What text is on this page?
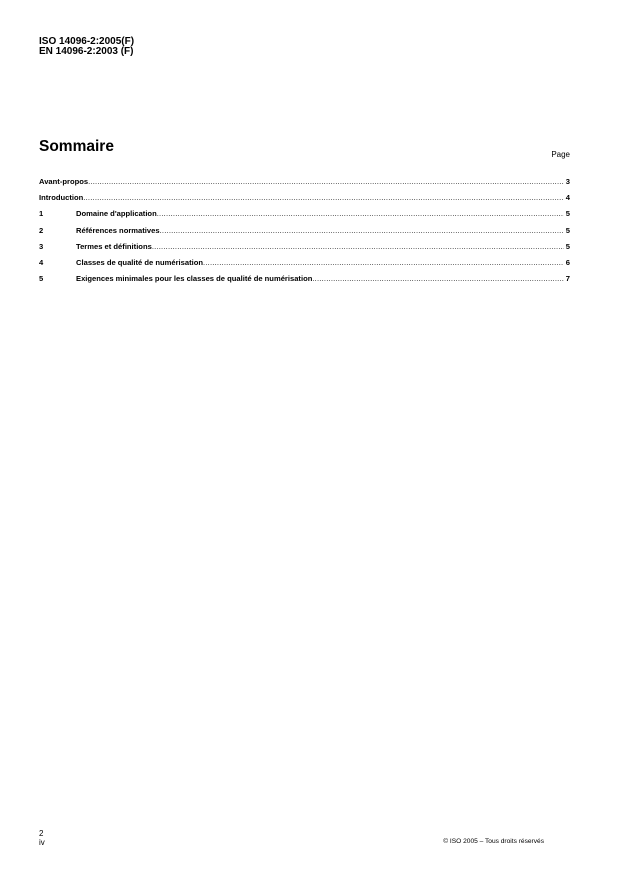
ISO 14096-2:2005(F)
EN 14096-2:2003 (F)
Sommaire	Page
Avant-propos .....	3
Introduction .....	4
1	Domaine d'application .....	5
2	Références normatives .....	5
3	Termes et définitions .....	5
4	Classes de qualité de numérisation .....	6
5	Exigences minimales pour les classes de qualité de numérisation .....	7
2
iv	© ISO 2005 – Tous droits réservés
